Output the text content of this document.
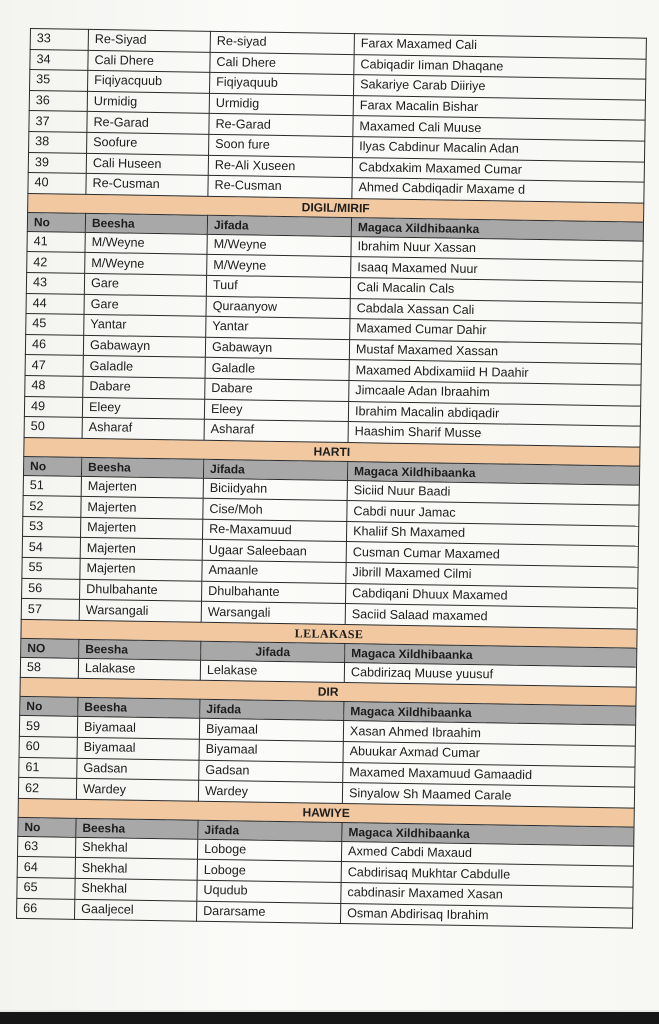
33	Re-Siyad	Re-siyad	Farax Maxamed Cali
34	Cali Dhere	Cali Dhere	Cabiqadir Iiman Dhaqane
35	Fiqiyacquub	Fiqiyaquub	Sakariye Carab Diiriye
36	Urmidig	Urmidig	Farax Macalin Bishar
37	Re-Garad	Re-Garad	Maxamed Cali Muuse
38	Soofure	Soon fure	Ilyas Cabdinur Macalin Adan
39	Cali Huseen	Re-Ali Xuseen	Cabdxakim Maxamed Cumar
40	Re-Cusman	Re-Cusman	Ahmed Cabdiqadir Maxame d
DIGIL/MIRIF			
No	Beesha	Jifada	Magaca Xildhibaanka
41	M/Weyne	M/Weyne	Ibrahim Nuur Xassan
42	M/Weyne	M/Weyne	Isaaq Maxamed Nuur
43	Gare	Tuuf	Cali Macalin Cals
44	Gare	Quraanyow	Cabdala Xassan Cali
45	Yantar	Yantar	Maxamed Cumar Dahir
46	Gabawayn	Gabawayn	Mustaf Maxamed Xassan
47	Galadle	Galadle	Maxamed Abdixamiid H Daahir
48	Dabare	Dabare	Jimcaale Adan Ibraahim
49	Eleey	Eleey	Ibrahim Macalin abdiqadir
50	Asharaf	Asharaf	Haashim Sharif Musse
HARTI			
No	Beesha	Jifada	Magaca Xildhibaanka
51	Majerten	Biciidyahn	Siciid Nuur Baadi
52	Majerten	Cise/Moh	Cabdi nuur Jamac
53	Majerten	Re-Maxamuud	Khaliif Sh Maxamed
54	Majerten	Ugaar Saleebaan	Cusman Cumar Maxamed
55	Majerten	Amaanle	Jibrill Maxamed Cilmi
56	Dhulbahante	Dhulbahante	Cabdiqani Dhuux Maxamed
57	Warsangali	Warsangali	Saciid Salaad maxamed
LELAKASE			
NO	Beesha	Jifada	Magaca Xildhibaanka
58	Lalakase	Lelakase	Cabdirizaq Muuse yuusuf
DIR			
No	Beesha	Jifada	Magaca Xildhibaanka
59	Biyamaal	Biyamaal	Xasan Ahmed Ibraahim
60	Biyamaal	Biyamaal	Abuukar Axmad Cumar
61	Gadsan	Gadsan	Maxamed Maxamuud Gamaadid
62	Wardey	Wardey	Sinyalow Sh Maamed Carale
HAWIYE			
No	Beesha	Jifada	Magaca Xildhibaanka
63	Shekhal	Loboge	Axmed Cabdi Maxaud
64	Shekhal	Loboge	Cabdirisaq Mukhtar Cabdulle
65	Shekhal	Uqudub	cabdinasir Maxamed Xasan
66	Gaaljecel	Dararsame	Osman Abdirisaq Ibrahim
